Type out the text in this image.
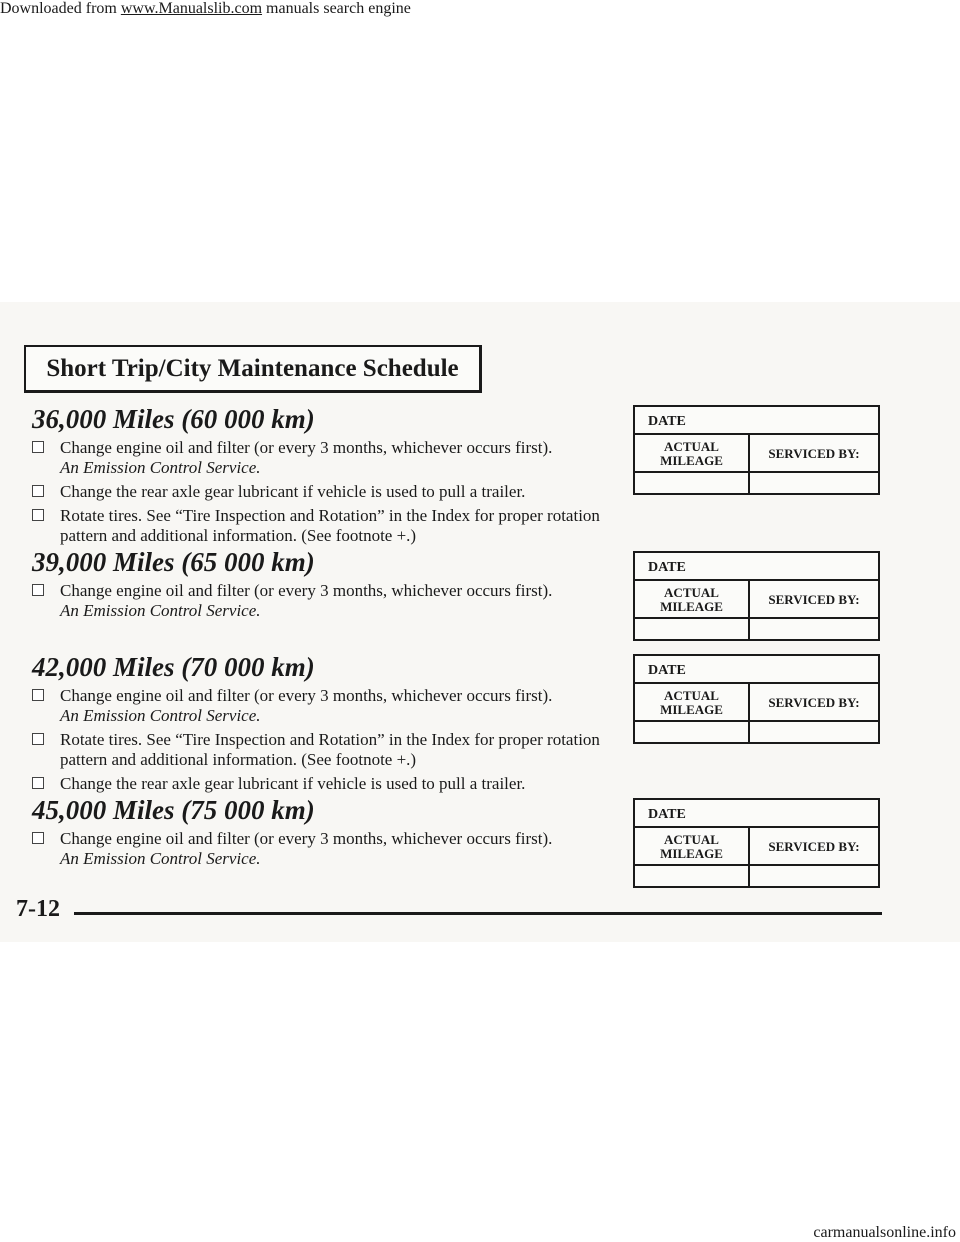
Downloaded from www.Manualslib.com manuals search engine
Short Trip/City Maintenance Schedule
36,000 Miles (60 000 km)
Change engine oil and filter (or every 3 months, whichever occurs first).
An Emission Control Service.
Change the rear axle gear lubricant if vehicle is used to pull a trailer.
Rotate tires. See “Tire Inspection and Rotation” in the Index for proper rotation pattern and additional information. (See footnote +.)
39,000 Miles (65 000 km)
Change engine oil and filter (or every 3 months, whichever occurs first).
An Emission Control Service.
42,000 Miles (70 000 km)
Change engine oil and filter (or every 3 months, whichever occurs first).
An Emission Control Service.
Rotate tires. See “Tire Inspection and Rotation” in the Index for proper rotation pattern and additional information. (See footnote +.)
Change the rear axle gear lubricant if vehicle is used to pull a trailer.
45,000 Miles (75 000 km)
Change engine oil and filter (or every 3 months, whichever occurs first).
An Emission Control Service.
DATE
ACTUAL
MILEAGE	SERVICED BY:
DATE
ACTUAL
MILEAGE	SERVICED BY:
DATE
ACTUAL
MILEAGE	SERVICED BY:
DATE
ACTUAL
MILEAGE	SERVICED BY:
7-12
carmanualsonline.info
